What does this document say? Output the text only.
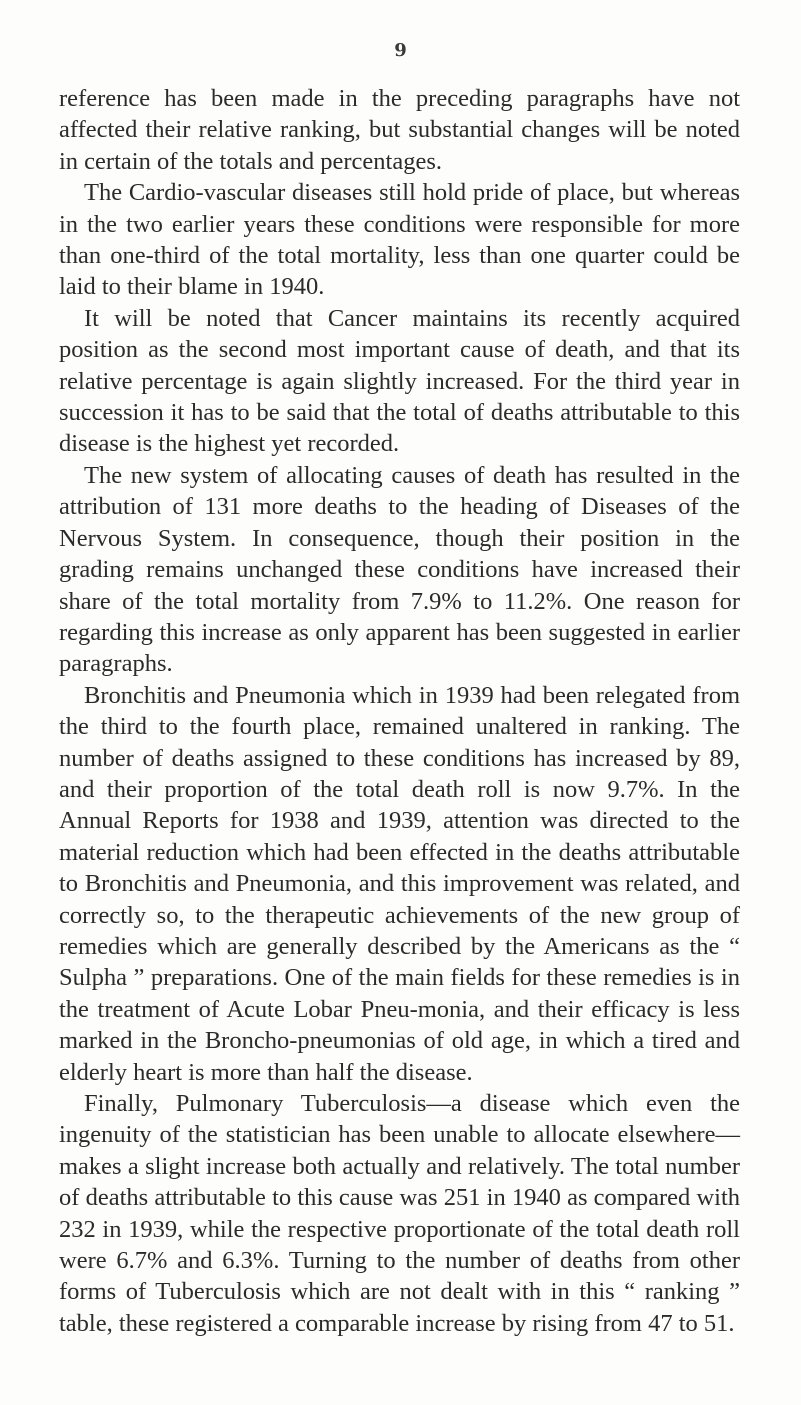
9

reference has been made in the preceding paragraphs have not affected their relative ranking, but substantial changes will be noted in certain of the totals and percentages.

The Cardio-vascular diseases still hold pride of place, but whereas in the two earlier years these conditions were responsible for more than one-third of the total mortality, less than one quarter could be laid to their blame in 1940.

It will be noted that Cancer maintains its recently acquired position as the second most important cause of death, and that its relative percentage is again slightly increased. For the third year in succession it has to be said that the total of deaths attributable to this disease is the highest yet recorded.

The new system of allocating causes of death has resulted in the attribution of 131 more deaths to the heading of Diseases of the Nervous System. In consequence, though their position in the grading remains unchanged these conditions have increased their share of the total mortality from 7.9% to 11.2%. One reason for regarding this increase as only apparent has been suggested in earlier paragraphs.

Bronchitis and Pneumonia which in 1939 had been relegated from the third to the fourth place, remained unaltered in ranking. The number of deaths assigned to these conditions has increased by 89, and their proportion of the total death roll is now 9.7%. In the Annual Reports for 1938 and 1939, attention was directed to the material reduction which had been effected in the deaths attributable to Bronchitis and Pneumonia, and this improvement was related, and correctly so, to the therapeutic achievements of the new group of remedies which are generally described by the Americans as the “ Sulpha ” preparations. One of the main fields for these remedies is in the treatment of Acute Lobar Pneu-monia, and their efficacy is less marked in the Broncho-pneumonias of old age, in which a tired and elderly heart is more than half the disease.

Finally, Pulmonary Tuberculosis—a disease which even the ingenuity of the statistician has been unable to allocate elsewhere—makes a slight increase both actually and relatively. The total number of deaths attributable to this cause was 251 in 1940 as compared with 232 in 1939, while the respective proportionate of the total death roll were 6.7% and 6.3%. Turning to the number of deaths from other forms of Tuberculosis which are not dealt with in this “ ranking ” table, these registered a comparable increase by rising from 47 to 51.
